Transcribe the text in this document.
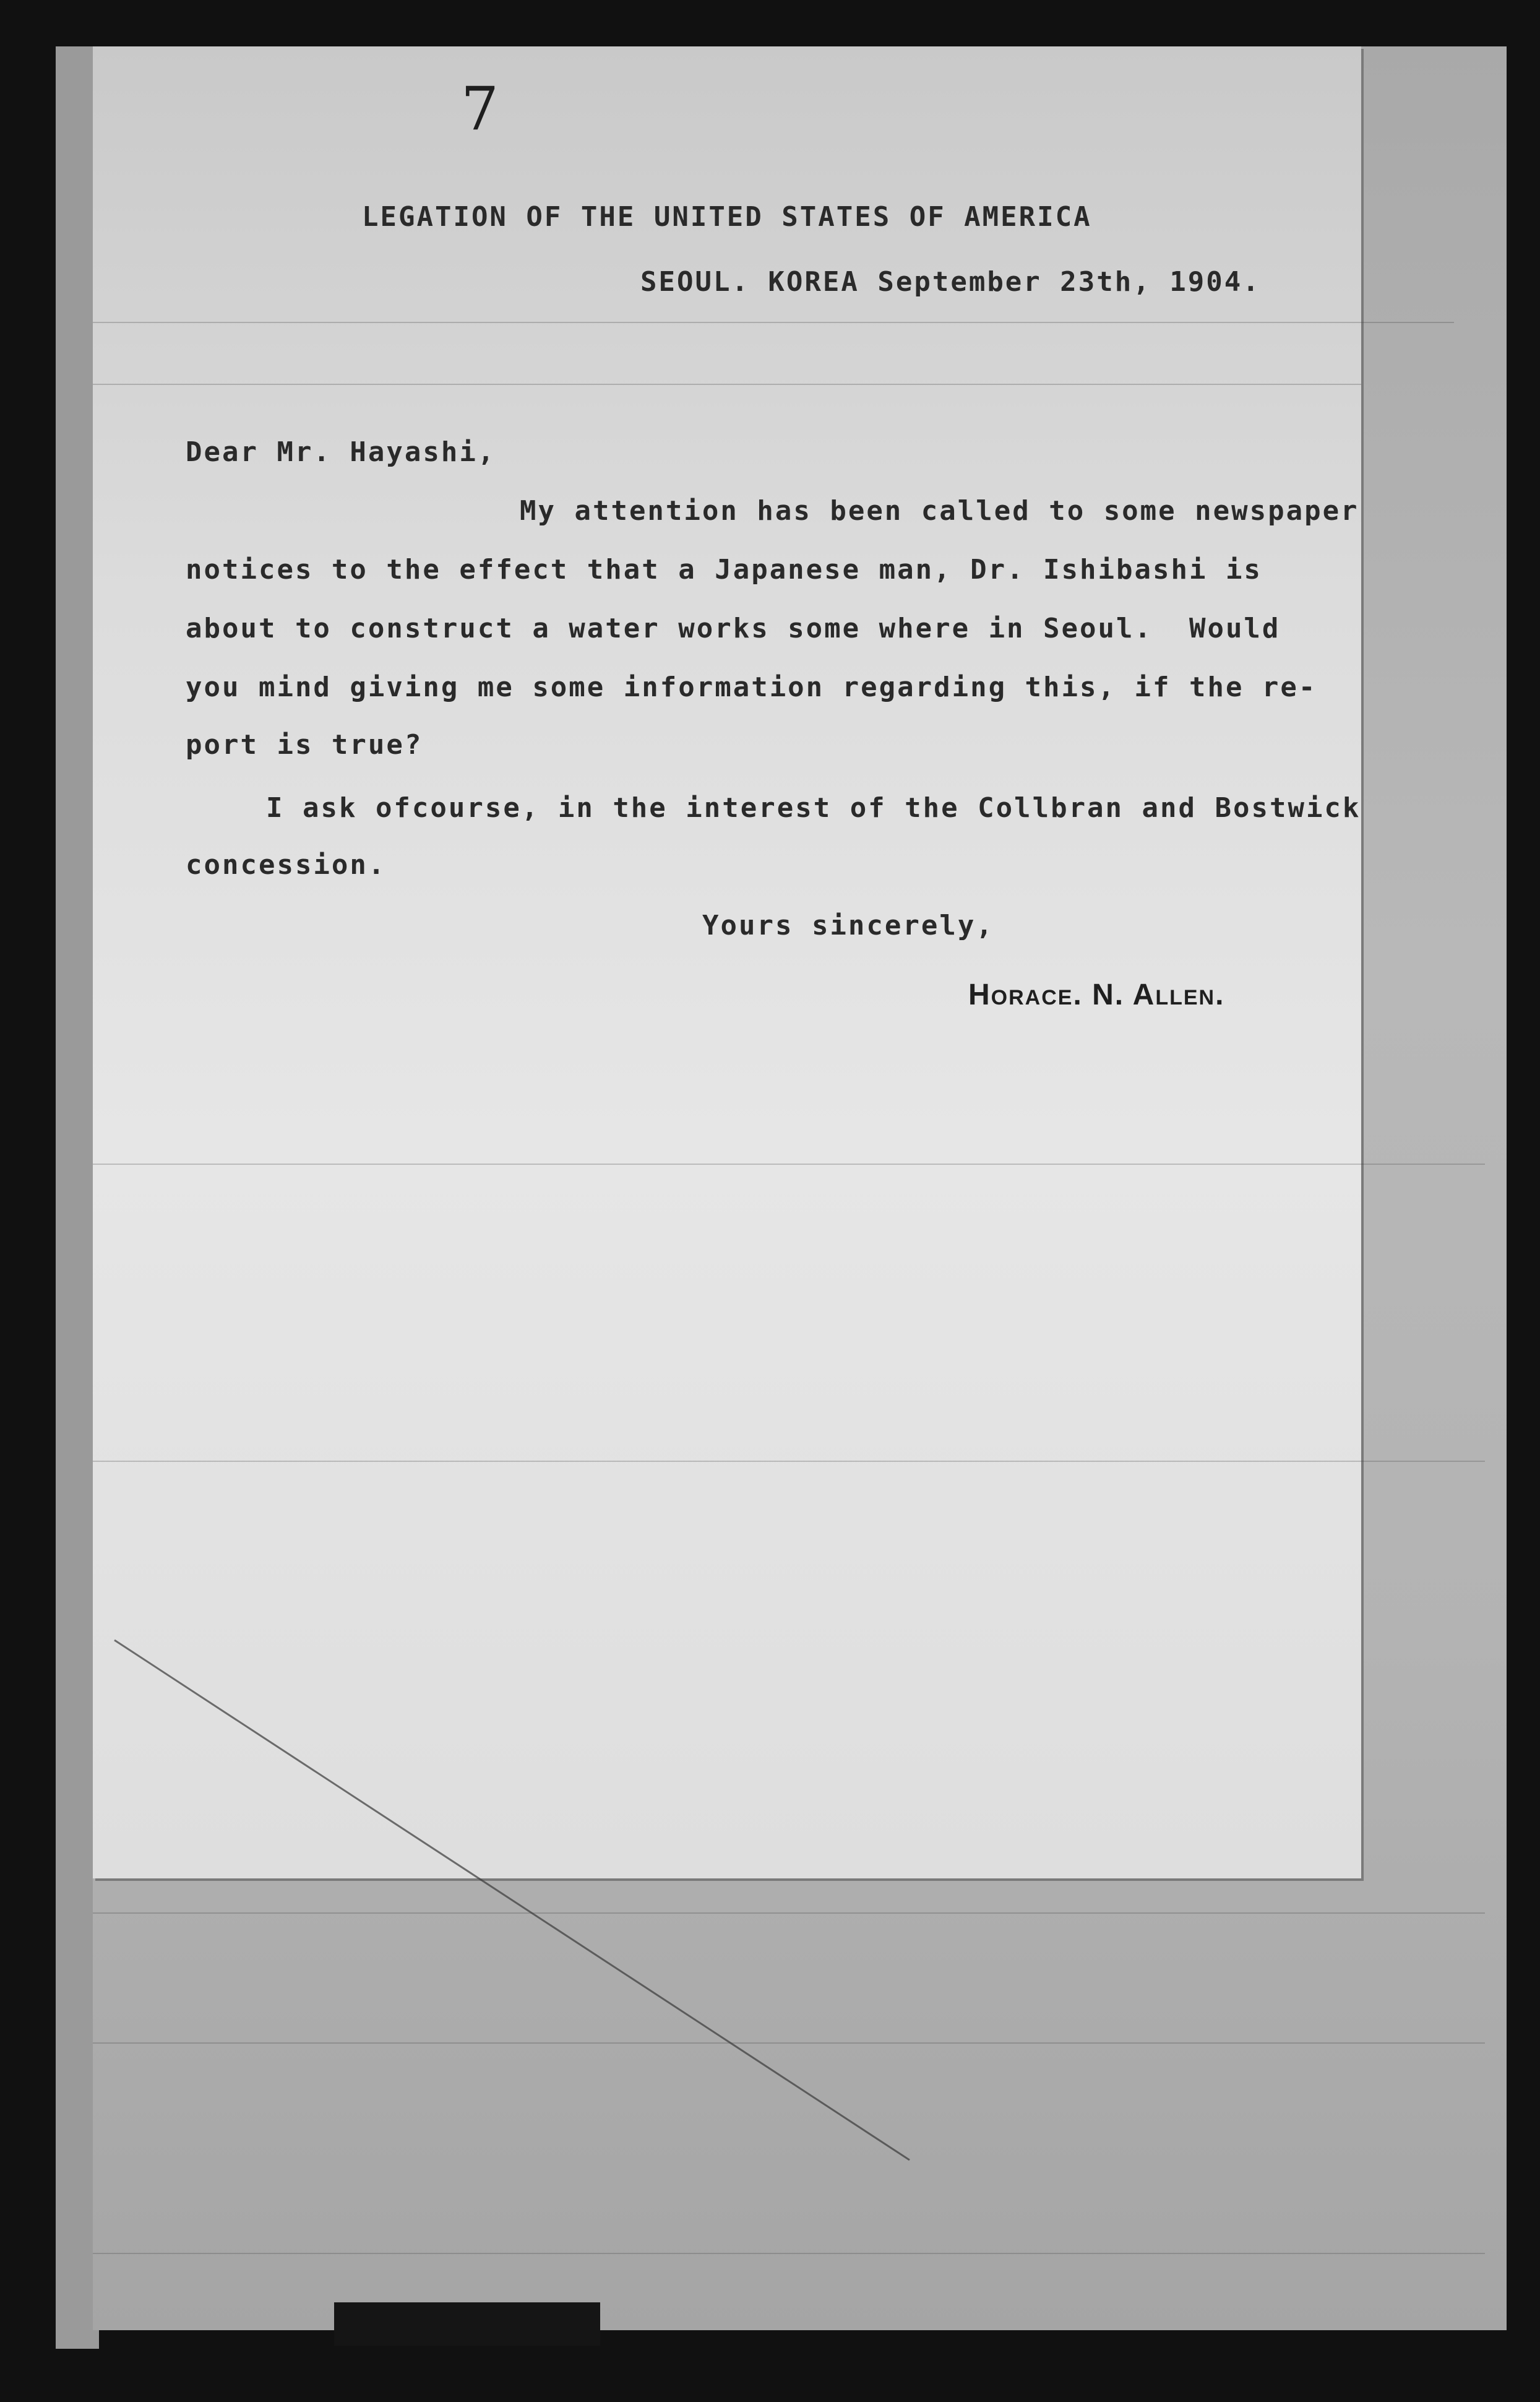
7
LEGATION OF THE UNITED STATES OF AMERICA
SEOUL. KOREA September 23th, 1904.
Dear Mr. Hayashi,
My attention has been called to some newspaper
notices to the effect that a Japanese man, Dr. Ishibashi is
about to construct a water works some where in Seoul.  Would
you mind giving me some information regarding this, if the re-
port is true?
I ask ofcourse, in the interest of the Collbran and Bostwick
concession.
Yours sincerely,
Horace. N. Allen.
